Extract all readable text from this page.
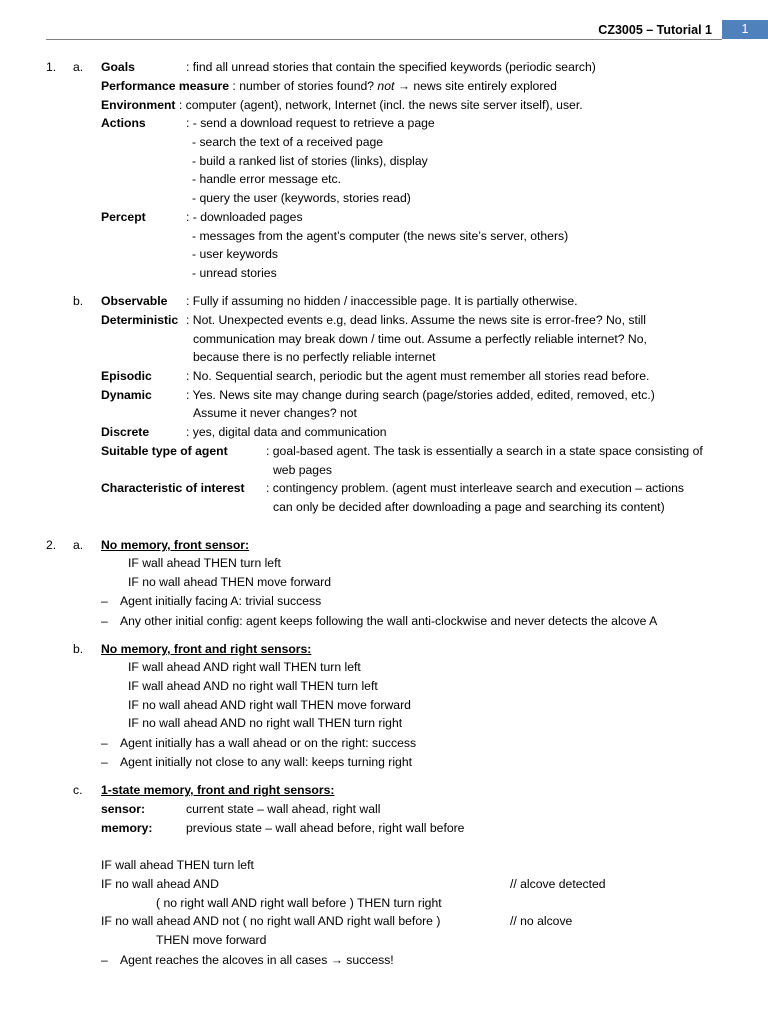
CZ3005 – Tutorial 1	1
1. a. Goals	: find all unread stories that contain the specified keywords (periodic search)
Performance measure : number of stories found? not → news site entirely explored
Environment : computer (agent), network, Internet (incl. the news site server itself), user.
Actions	: - send a download request to retrieve a page
- search the text of a received page
- build a ranked list of stories (links), display
- handle error message etc.
- query the user (keywords, stories read)
Percept	: - downloaded pages
- messages from the agent’s computer (the news site’s server, others)
- user keywords
- unread stories
b. Observable : Fully if assuming no hidden / inaccessible page. It is partially otherwise.
Deterministic : Not. Unexpected events e.g, dead links. Assume the news site is error-free? No, still
communication may break down / time out. Assume a perfectly reliable internet? No,
because there is no perfectly reliable internet
Episodic	: No. Sequential search, periodic but the agent must remember all stories read before.
Dynamic	: Yes. News site may change during search (page/stories added, edited, removed, etc.)
Assume it never changes? not
Discrete	: yes, digital data and communication
Suitable type of agent	: goal-based agent. The task is essentially a search in a state space consisting of
web pages
Characteristic of interest : contingency problem. (agent must interleave search and execution – actions
can only be decided after downloading a page and searching its content)
2. a. No memory, front sensor:
IF wall ahead THEN turn left
IF no wall ahead THEN move forward
– Agent initially facing A: trivial success
– Any other initial config: agent keeps following the wall anti-clockwise and never detects the alcove A
b. No memory, front and right sensors:
IF wall ahead AND right wall THEN turn left
IF wall ahead AND no right wall THEN turn left
IF no wall ahead AND right wall THEN move forward
IF no wall ahead AND no right wall THEN turn right
– Agent initially has a wall ahead or on the right: success
– Agent initially not close to any wall: keeps turning right
c. 1-state memory, front and right sensors:
sensor:	current state – wall ahead, right wall
memory:	previous state – wall ahead before, right wall before
IF wall ahead THEN turn left
IF no wall ahead AND	// alcove detected
( no right wall AND right wall before ) THEN turn right
IF no wall ahead AND not ( no right wall AND right wall before )	// no alcove
THEN move forward
– Agent reaches the alcoves in all cases → success!
